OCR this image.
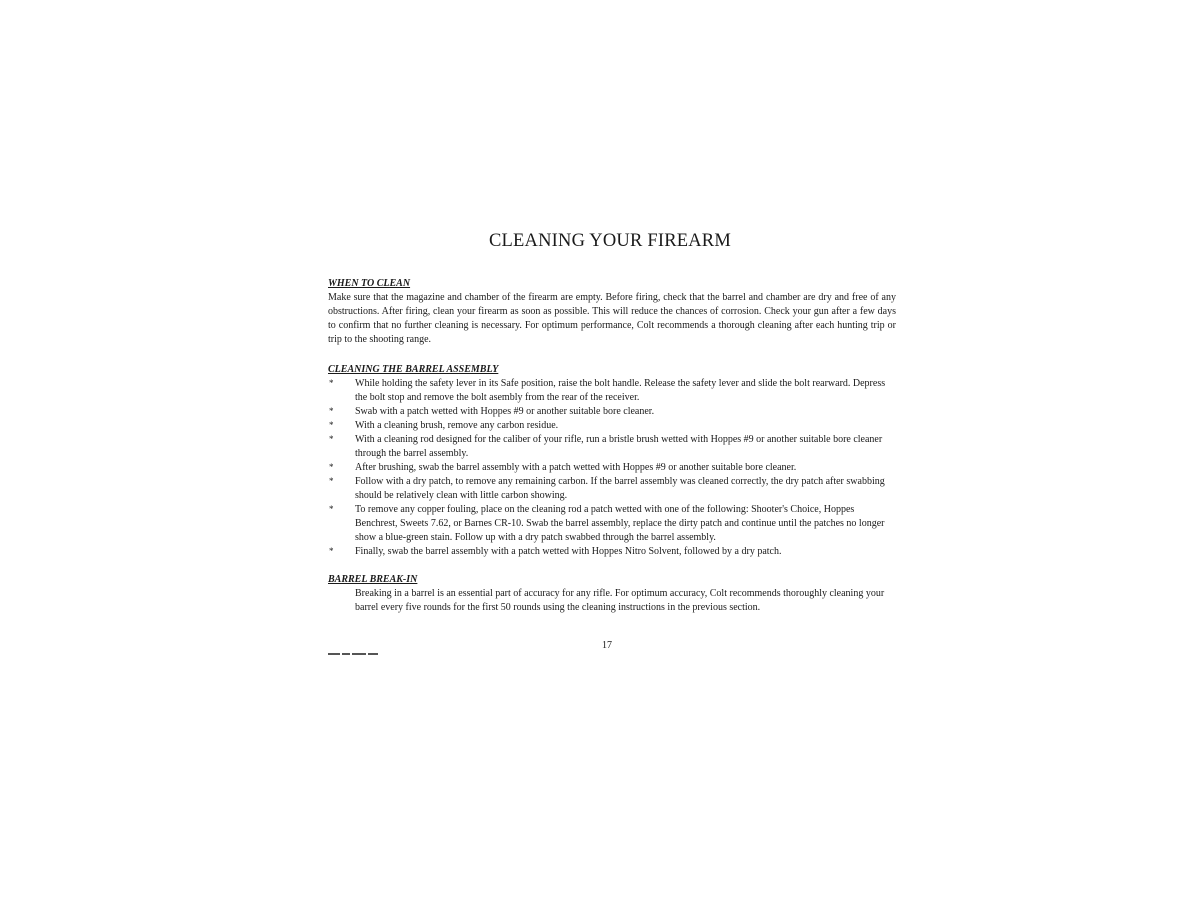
CLEANING YOUR FIREARM

WHEN TO CLEAN

Make sure that the magazine and chamber of the firearm are empty. Before firing, check that the barrel and chamber are dry and free of any obstructions. After firing, clean your firearm as soon as possible. This will reduce the chances of corrosion. Check your gun after a few days to confirm that no further cleaning is necessary. For optimum performance, Colt recommends a thorough cleaning after each hunting trip or trip to the shooting range.

CLEANING THE BARREL ASSEMBLY

* While holding the safety lever in its Safe position, raise the bolt handle. Release the safety lever and slide the bolt rearward. Depress the bolt stop and remove the bolt asembly from the rear of the receiver.
* Swab with a patch wetted with Hoppes #9 or another suitable bore cleaner.
* With a cleaning brush, remove any carbon residue.
* With a cleaning rod designed for the caliber of your rifle, run a bristle brush wetted with Hoppes #9 or another suitable bore cleaner through the barrel assembly.
* After brushing, swab the barrel assembly with a patch wetted with Hoppes #9 or another suitable bore cleaner.
* Follow with a dry patch, to remove any remaining carbon. If the barrel assembly was cleaned correctly, the dry patch after swabbing should be relatively clean with little carbon showing.
* To remove any copper fouling, place on the cleaning rod a patch wetted with one of the following: Shooter's Choice, Hoppes Benchrest, Sweets 7.62, or Barnes CR-10. Swab the barrel assembly, replace the dirty patch and continue until the patches no longer show a blue-green stain. Follow up with a dry patch swabbed through the barrel assembly.
* Finally, swab the barrel assembly with a patch wetted with Hoppes Nitro Solvent, followed by a dry patch.

BARREL BREAK-IN

Breaking in a barrel is an essential part of accuracy for any rifle. For optimum accuracy, Colt recommends thoroughly cleaning your barrel every five rounds for the first 50 rounds using the cleaning instructions in the previous section.

17
